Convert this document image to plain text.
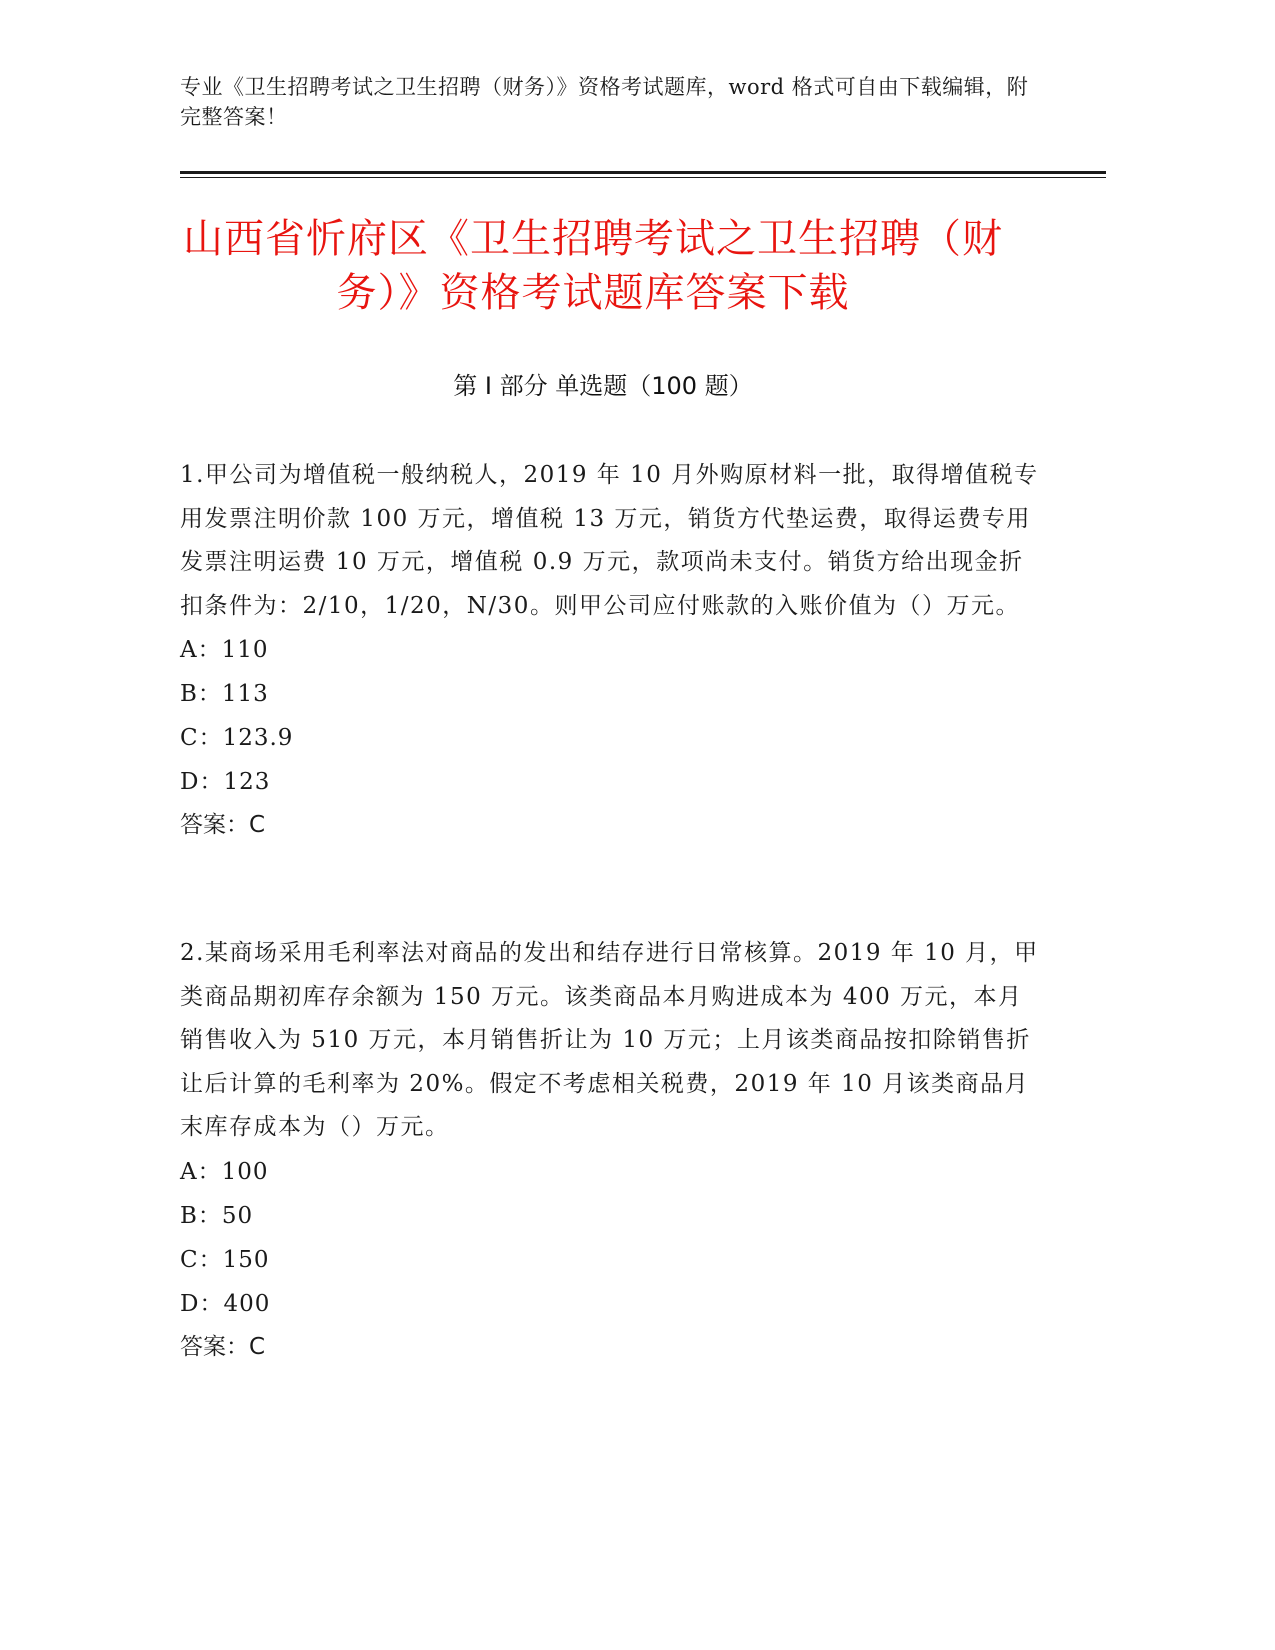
专业《卫生招聘考试之卫生招聘（财务）》资格考试题库，word 格式可自由下载编辑，附完整答案！
山西省忻府区《卫生招聘考试之卫生招聘（财务）》资格考试题库答案下载
第 I 部分 单选题（100 题）

1.甲公司为增值税一般纳税人，2019 年 10 月外购原材料一批，取得增值税专用发票注明价款 100 万元，增值税 13 万元，销货方代垫运费，取得运费专用发票注明运费 10 万元，增值税 0.9 万元，款项尚未支付。销货方给出现金折扣条件为：2/10，1/20，N/30。则甲公司应付账款的入账价值为（）万元。

A：110

B：113

C：123.9

D：123

答案：C

2.某商场采用毛利率法对商品的发出和结存进行日常核算。2019 年 10 月，甲类商品期初库存余额为 150 万元。该类商品本月购进成本为 400 万元，本月销售收入为 510 万元，本月销售折让为 10 万元；上月该类商品按扣除销售折让后计算的毛利率为 20%。假定不考虑相关税费，2019 年 10 月该类商品月末库存成本为（）万元。

A：100

B：50

C：150

D：400

答案：C
